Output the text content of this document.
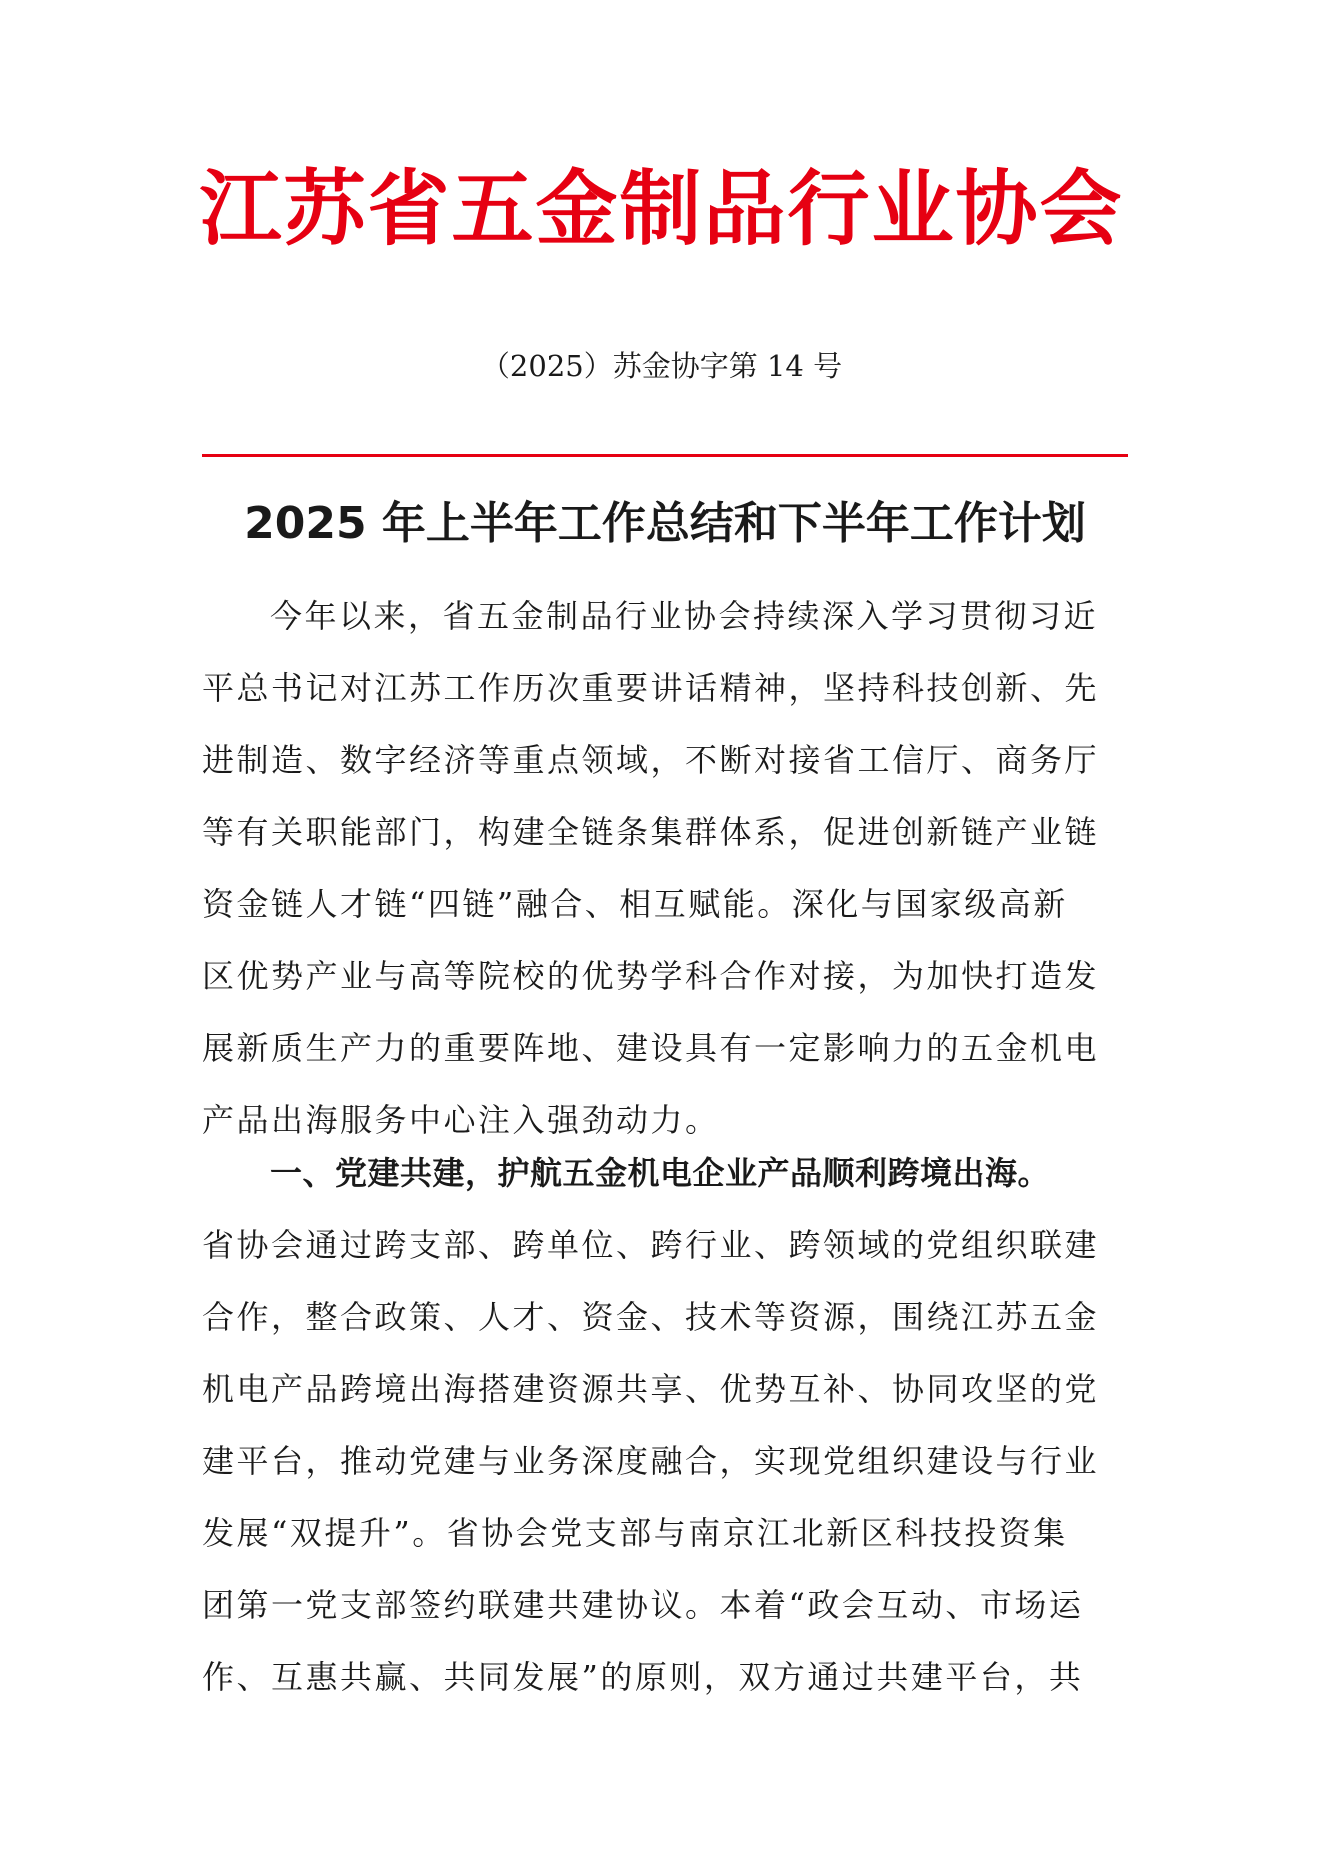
江苏省五金制品行业协会
（2025）苏金协字第 14 号
2025 年上半年工作总结和下半年工作计划
今年以来，省五金制品行业协会持续深入学习贯彻习近
平总书记对江苏工作历次重要讲话精神，坚持科技创新、先
进制造、数字经济等重点领域，不断对接省工信厅、商务厅
等有关职能部门，构建全链条集群体系，促进创新链产业链
资金链人才链“四链”融合、相互赋能。深化与国家级高新
区优势产业与高等院校的优势学科合作对接，为加快打造发
展新质生产力的重要阵地、建设具有一定影响力的五金机电
产品出海服务中心注入强劲动力。
一、党建共建，护航五金机电企业产品顺利跨境出海。
省协会通过跨支部、跨单位、跨行业、跨领域的党组织联建
合作，整合政策、人才、资金、技术等资源，围绕江苏五金
机电产品跨境出海搭建资源共享、优势互补、协同攻坚的党
建平台，推动党建与业务深度融合，实现党组织建设与行业
发展“双提升”。省协会党支部与南京江北新区科技投资集
团第一党支部签约联建共建协议。本着“政会互动、市场运
作、互惠共赢、共同发展”的原则，双方通过共建平台，共
